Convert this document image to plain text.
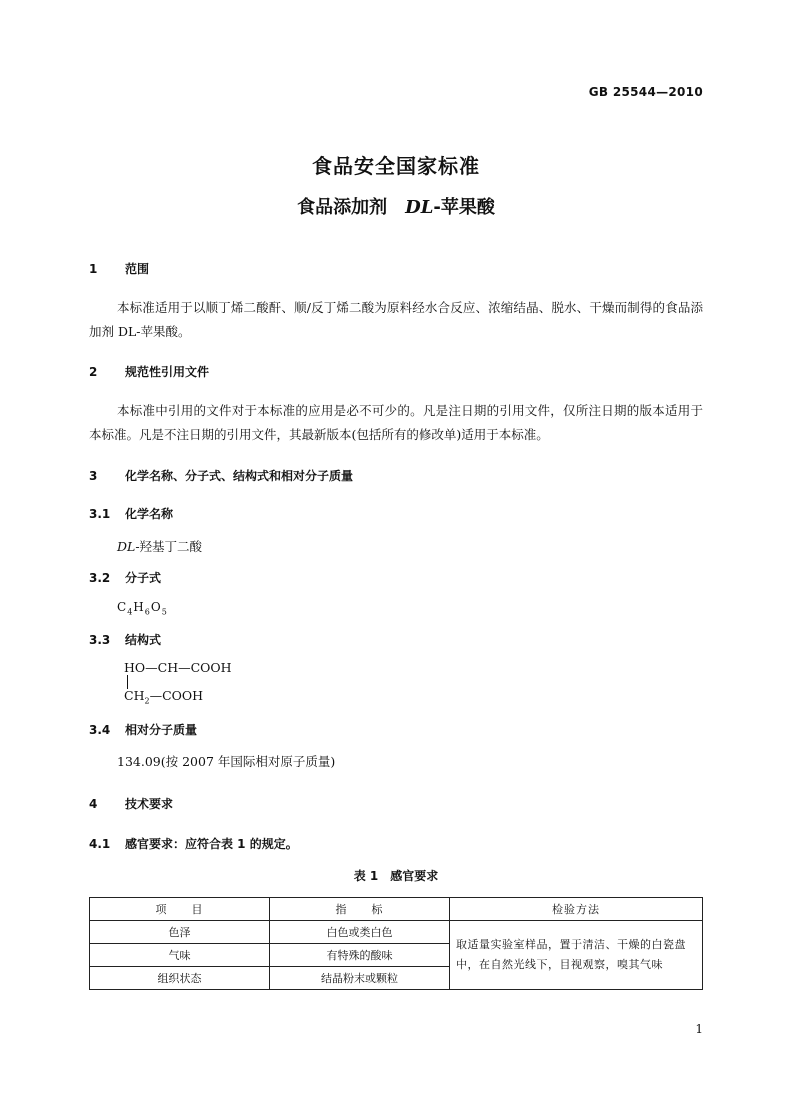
GB 25544—2010
食品安全国家标准
食品添加剂 DL-苹果酸
1 范围
本标准适用于以顺丁烯二酸酐、顺/反丁烯二酸为原料经水合反应、浓缩结晶、脱水、干燥而制得的食品添加剂 DL-苹果酸。
2 规范性引用文件
本标准中引用的文件对于本标准的应用是必不可少的。凡是注日期的引用文件，仅所注日期的版本适用于本标准。凡是不注日期的引用文件，其最新版本(包括所有的修改单)适用于本标准。
3 化学名称、分子式、结构式和相对分子质量
3.1 化学名称
DL-羟基丁二酸
3.2 分子式
$C_4H_6O_5$
3.3 结构式
HO—CH—COOH
$CH_2—COOH$
3.4 相对分子质量
134.09(按 2007 年国际相对原子质量)
4 技术要求
4.1 感官要求：应符合表 1 的规定。
表 1　感官要求
项　　目	指　　标	检验方法
色泽	白色或类白色	取适量实验室样品，置于清洁、干燥的白瓷盘中，在自然光线下，目视观察，嗅其气味
气味	有特殊的酸味	
组织状态	结晶粉末或颗粒	
1
